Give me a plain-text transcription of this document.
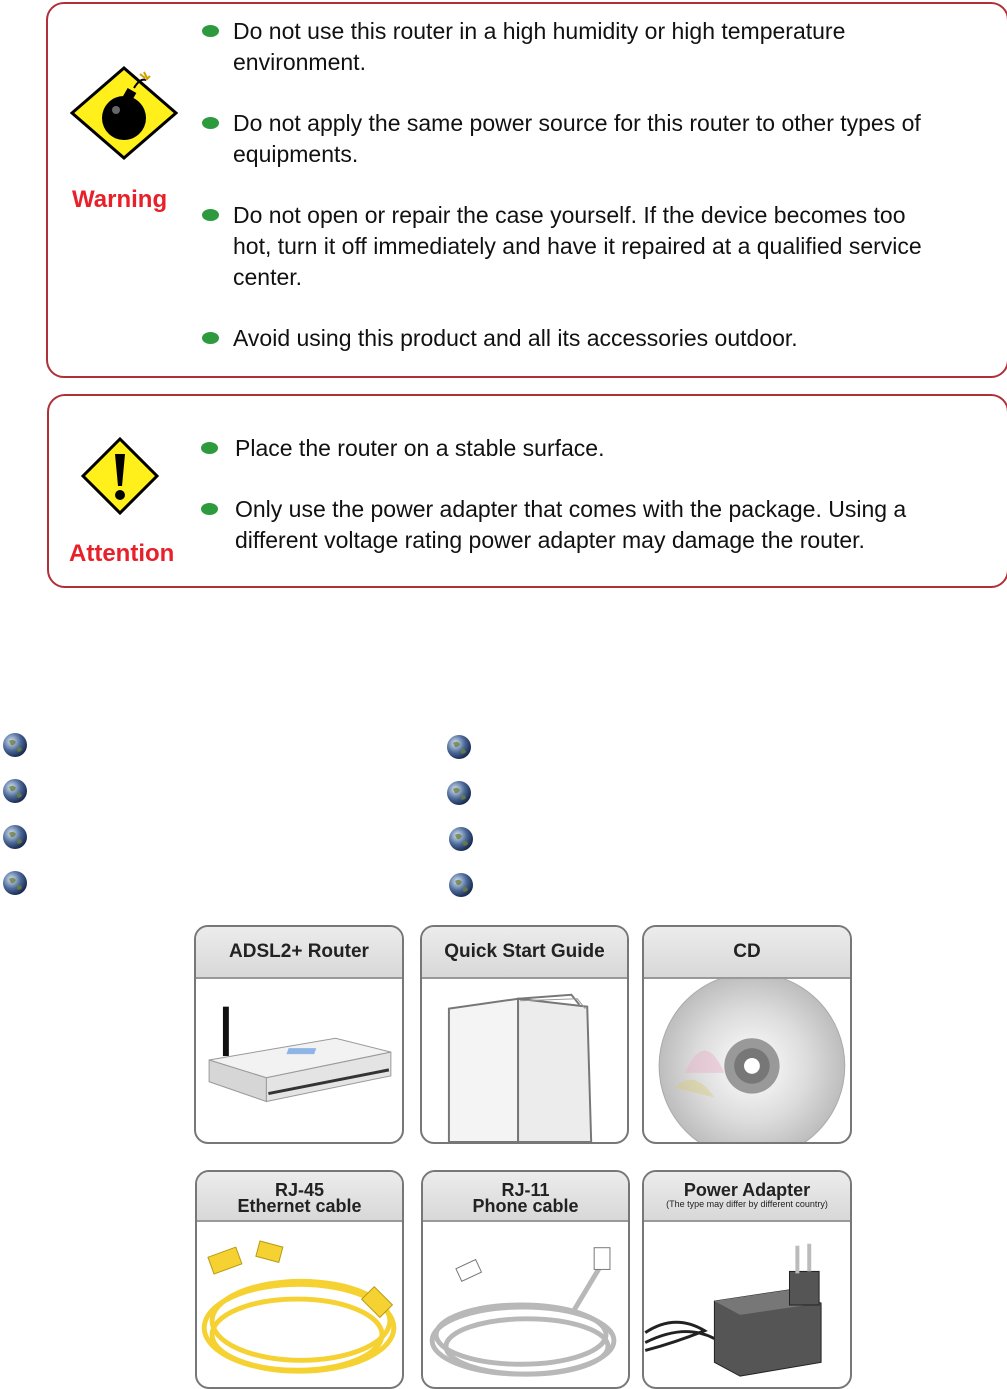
Warning
Do not use this router in a high humidity or high temperature
environment.
Do not apply the same power source for this router to other types of
equipments.
Do not open or repair the case yourself. If the device becomes too
hot, turn it off immediately and have it repaired at a qualified service
center.
Avoid using this product and all its accessories outdoor.
Attention
Place the router on a stable surface.
Only use the power adapter that comes with the package. Using a
different voltage rating power adapter may damage the router.
ADSL2+ Router	Quick Start Guide	CD
RJ-45
Ethernet cable
RJ-11
Phone cable
Power Adapter
(The type may differ by different country)
